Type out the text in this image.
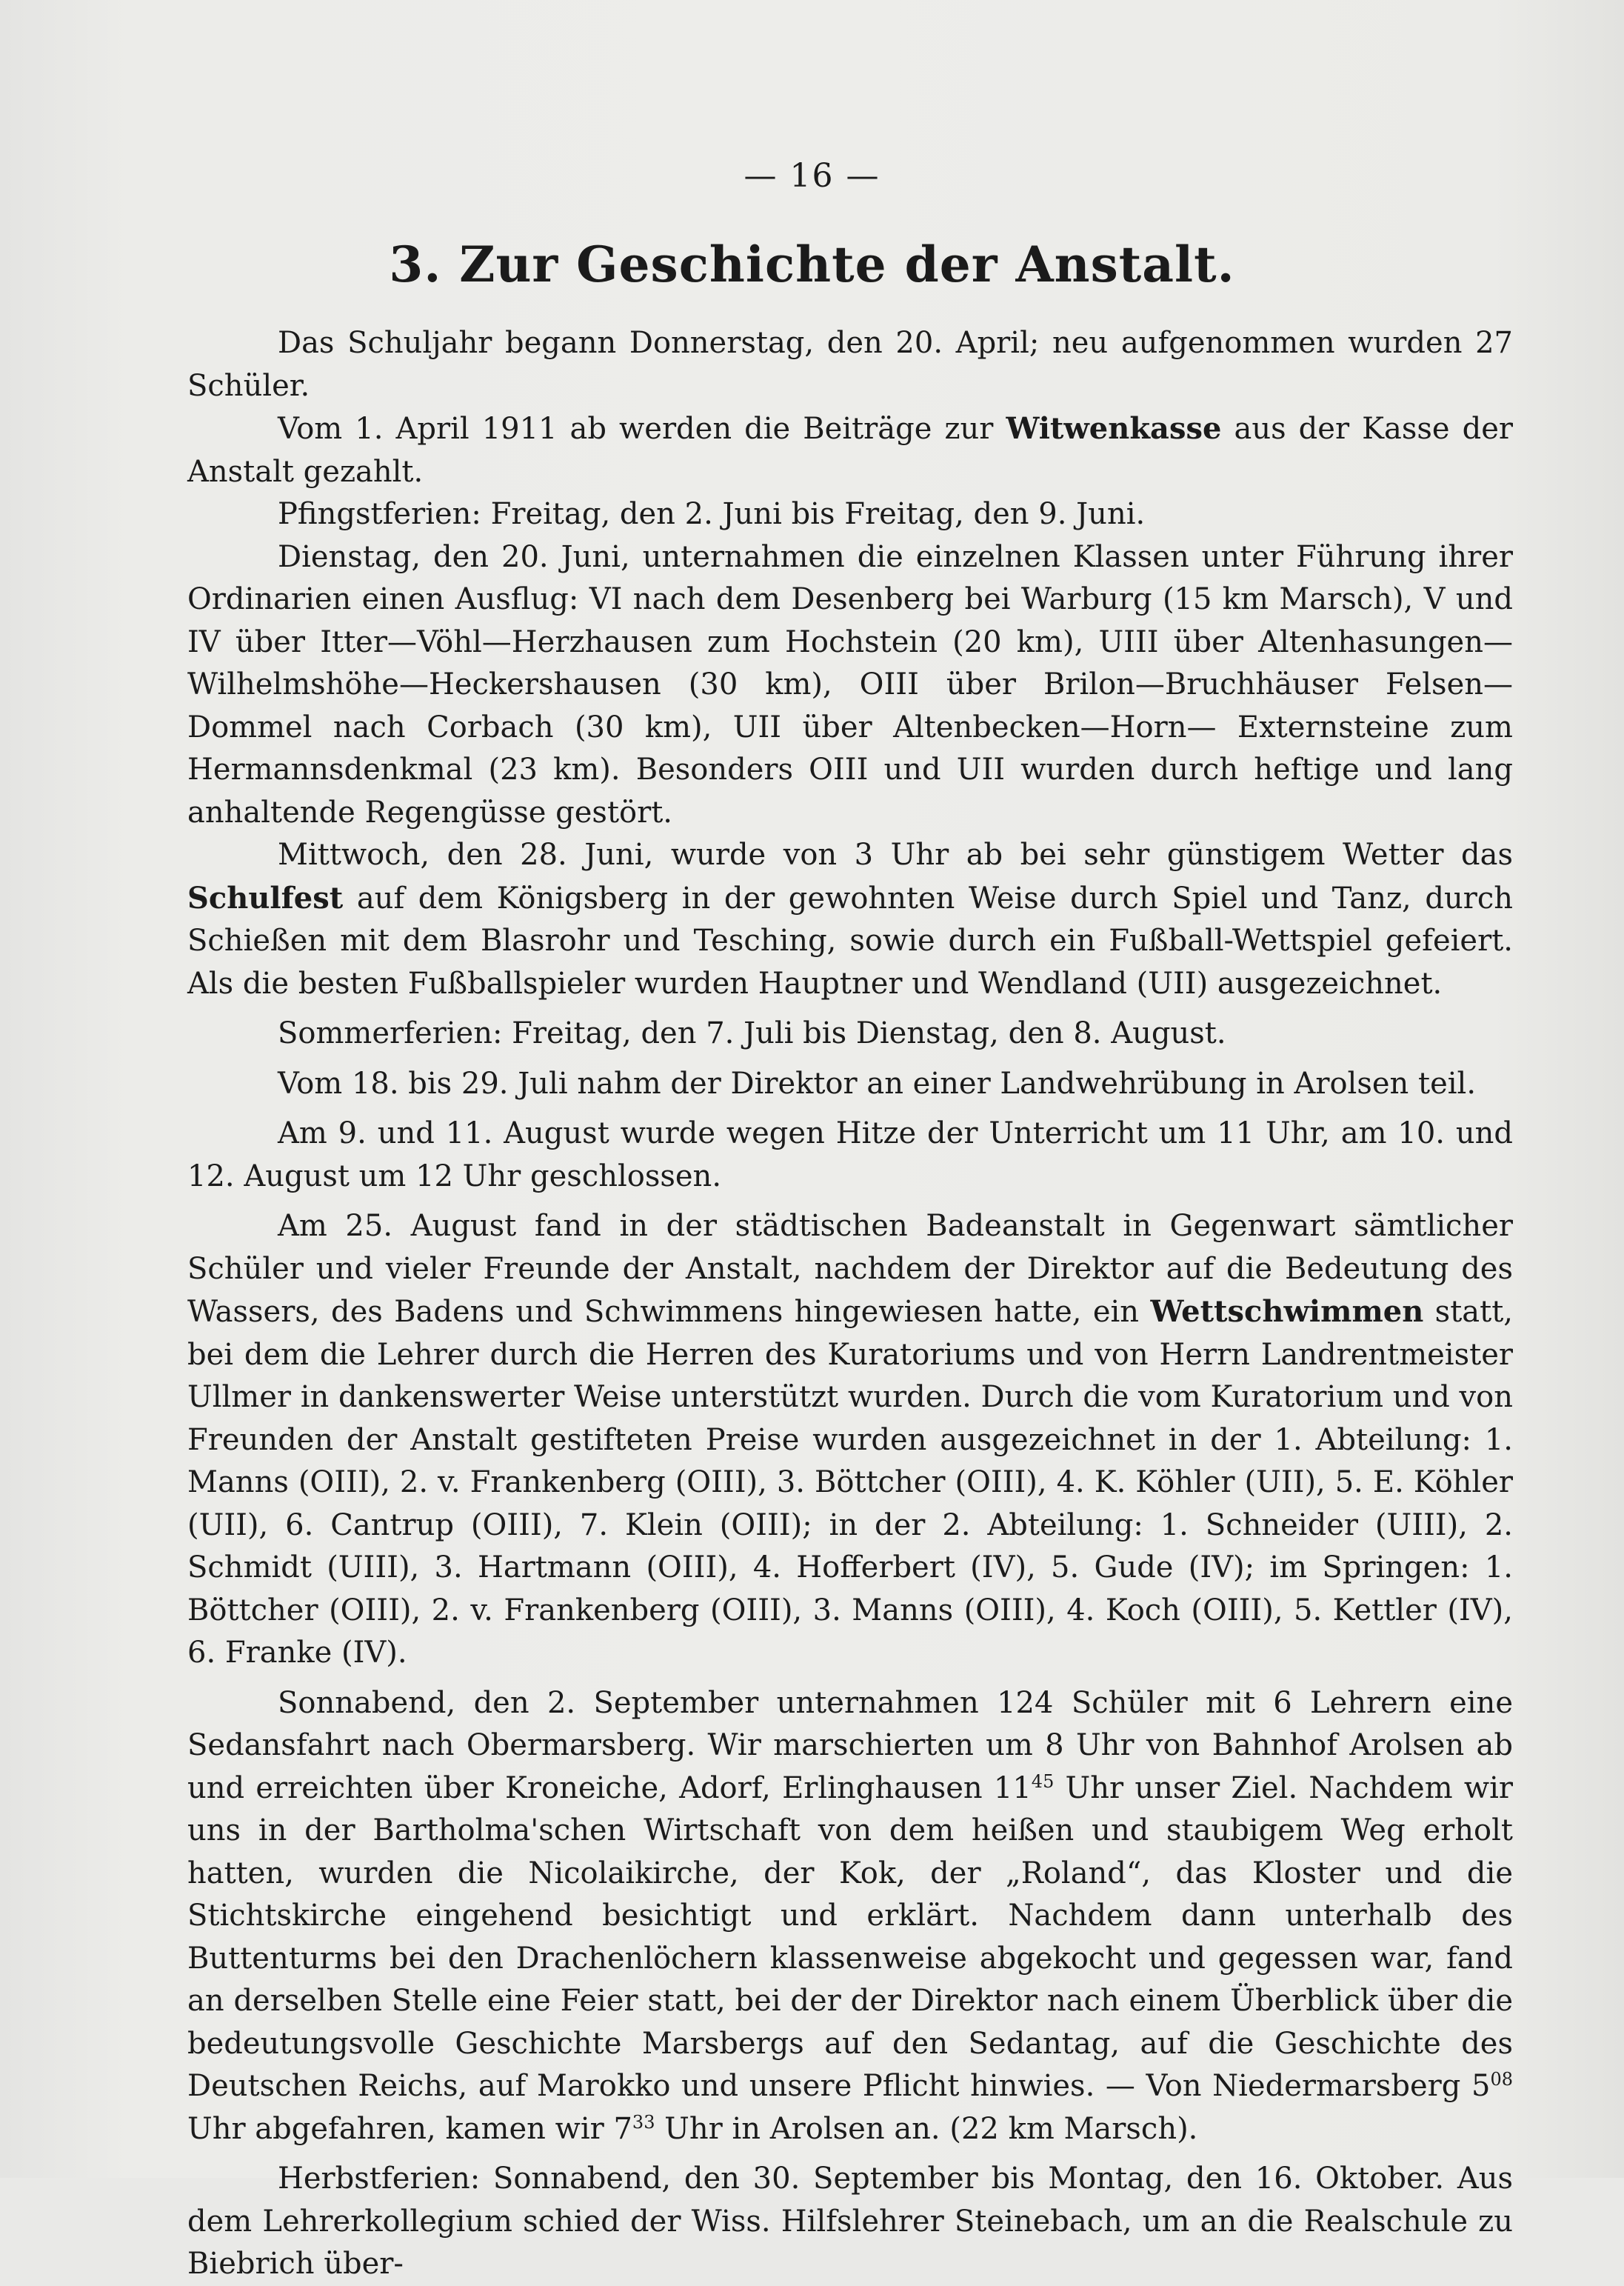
— 16 —
3. Zur Geschichte der Anstalt.

Das Schuljahr begann Donnerstag, den 20. April; neu aufgenommen wurden 27 Schüler.

Vom 1. April 1911 ab werden die Beiträge zur Witwenkasse aus der Kasse der Anstalt gezahlt.

Pfingstferien: Freitag, den 2. Juni bis Freitag, den 9. Juni.

Dienstag, den 20. Juni, unternahmen die einzelnen Klassen unter Führung ihrer Ordinarien einen Ausflug: VI nach dem Desenberg bei Warburg (15 km Marsch), V und IV über Itter—Vöhl—Herzhausen zum Hochstein (20 km), UIII über Altenhasungen—Wilhelmshöhe—Heckershausen (30 km), OIII über Brilon—Bruchhäuser Felsen—Dommel nach Corbach (30 km), UII über Altenbecken—Horn— Externsteine zum Hermannsdenkmal (23 km). Besonders OIII und UII wurden durch heftige und lang anhaltende Regengüsse gestört.

Mittwoch, den 28. Juni, wurde von 3 Uhr ab bei sehr günstigem Wetter das Schulfest auf dem Königsberg in der gewohnten Weise durch Spiel und Tanz, durch Schießen mit dem Blasrohr und Tesching, sowie durch ein Fußball-Wettspiel gefeiert. Als die besten Fußballspieler wurden Hauptner und Wendland (UII) ausgezeichnet.

Sommerferien: Freitag, den 7. Juli bis Dienstag, den 8. August.

Vom 18. bis 29. Juli nahm der Direktor an einer Landwehrübung in Arolsen teil.

Am 9. und 11. August wurde wegen Hitze der Unterricht um 11 Uhr, am 10. und 12. August um 12 Uhr geschlossen.

Am 25. August fand in der städtischen Badeanstalt in Gegenwart sämtlicher Schüler und vieler Freunde der Anstalt, nachdem der Direktor auf die Bedeutung des Wassers, des Badens und Schwimmens hingewiesen hatte, ein Wettschwimmen statt, bei dem die Lehrer durch die Herren des Kuratoriums und von Herrn Landrentmeister Ullmer in dankenswerter Weise unterstützt wurden. Durch die vom Kuratorium und von Freunden der Anstalt gestifteten Preise wurden ausgezeichnet in der 1. Abteilung: 1. Manns (OIII), 2. v. Frankenberg (OIII), 3. Böttcher (OIII), 4. K. Köhler (UII), 5. E. Köhler (UII), 6. Cantrup (OIII), 7. Klein (OIII); in der 2. Abteilung: 1. Schneider (UIII), 2. Schmidt (UIII), 3. Hartmann (OIII), 4. Hofferbert (IV), 5. Gude (IV); im Springen: 1. Böttcher (OIII), 2. v. Frankenberg (OIII), 3. Manns (OIII), 4. Koch (OIII), 5. Kettler (IV), 6. Franke (IV).

Sonnabend, den 2. September unternahmen 124 Schüler mit 6 Lehrern eine Sedansfahrt nach Obermarsberg. Wir marschierten um 8 Uhr von Bahnhof Arolsen ab und erreichten über Kroneiche, Adorf, Erlinghausen $11^{45}$ Uhr unser Ziel. Nachdem wir uns in der Bartholma'schen Wirtschaft von dem heißen und staubigem Weg erholt hatten, wurden die Nicolaikirche, der Kok, der „Roland“, das Kloster und die Stichtskirche eingehend besichtigt und erklärt. Nachdem dann unterhalb des Buttenturms bei den Drachenlöchern klassenweise abgekocht und gegessen war, fand an derselben Stelle eine Feier statt, bei der der Direktor nach einem Überblick über die bedeutungsvolle Geschichte Marsbergs auf den Sedantag, auf die Geschichte des Deutschen Reichs, auf Marokko und unsere Pflicht hinwies. — Von Niedermarsberg $5^{08}$ Uhr abgefahren, kamen wir $7^{33}$ Uhr in Arolsen an. (22 km Marsch).

Herbstferien: Sonnabend, den 30. September bis Montag, den 16. Oktober. Aus dem Lehrerkollegium schied der Wiss. Hilfslehrer Steinebach, um an die Realschule zu Biebrich über-
